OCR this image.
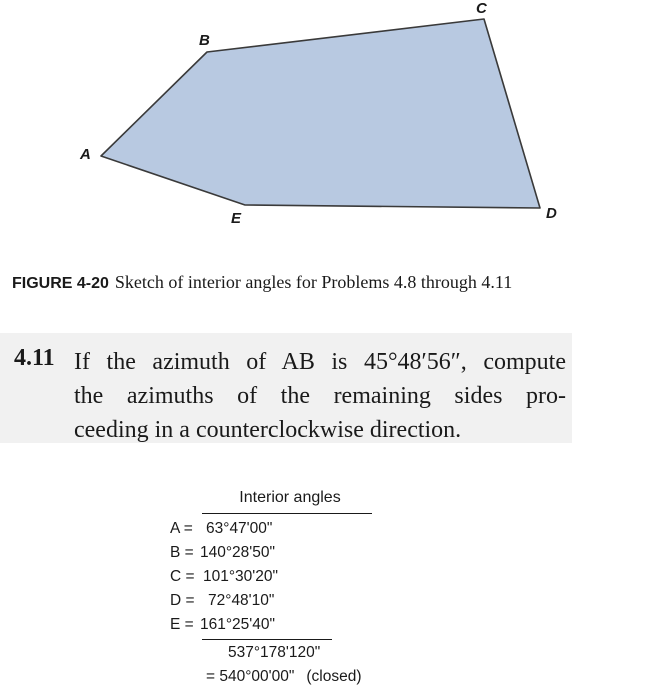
A
B
C
D
E
FIGURE 4-20 Sketch of interior angles for Problems 4.8 through 4.11
4.11 If the azimuth of AB is 45°48′56″, compute
the azimuths of the remaining sides pro-
ceeding in a counterclockwise direction.
Interior angles
A = 63°47'00"
B = 140°28'50"
C = 101°30'20"
D = 72°48'10"
E = 161°25'40"
537°178'120"
= 540°00'00" (closed)
